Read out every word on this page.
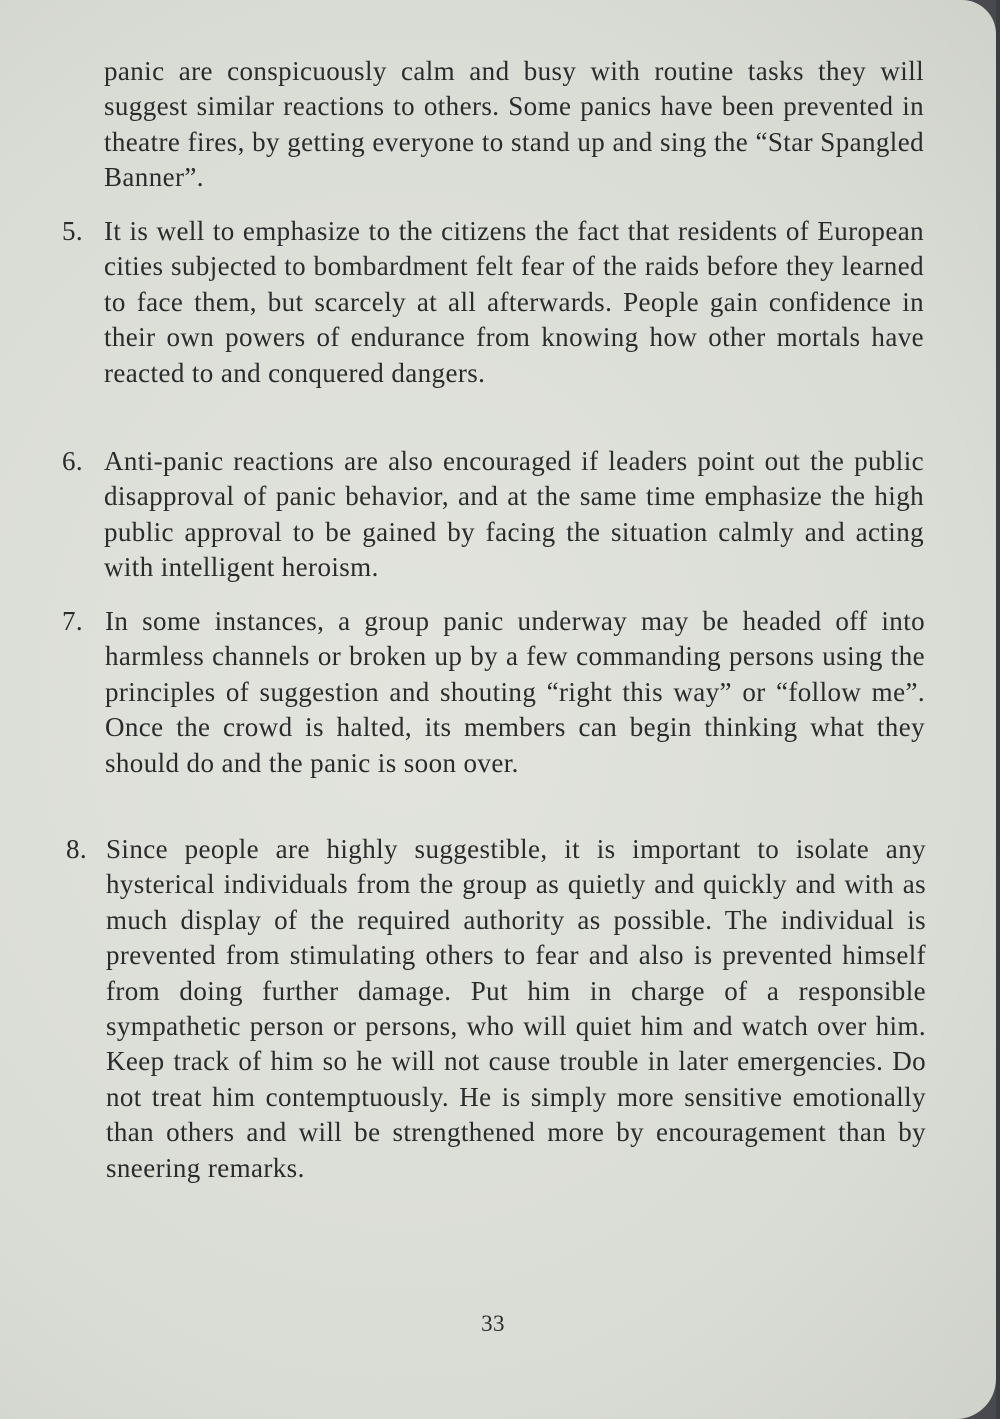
panic are conspicuously calm and busy with routine tasks they will suggest similar reactions to others. Some panics have been prevented in theatre fires, by getting everyone to stand up and sing the “Star Spangled Banner”.

5. It is well to emphasize to the citizens the fact that residents of European cities subjected to bombardment felt fear of the raids before they learned to face them, but scarcely at all afterwards. People gain confidence in their own powers of endurance from knowing how other mortals have reacted to and conquered dangers.

6. Anti-panic reactions are also encouraged if leaders point out the public disapproval of panic behavior, and at the same time emphasize the high public approval to be gained by facing the situation calmly and acting with intelligent heroism.

7. In some instances, a group panic underway may be headed off into harmless channels or broken up by a few commanding persons using the principles of suggestion and shouting “right this way” or “follow me”. Once the crowd is halted, its members can begin thinking what they should do and the panic is soon over.

8. Since people are highly suggestible, it is important to isolate any hysterical individuals from the group as quietly and quickly and with as much display of the required authority as possible. The individual is prevented from stimulating others to fear and also is prevented himself from doing further damage. Put him in charge of a responsible sympathetic person or persons, who will quiet him and watch over him. Keep track of him so he will not cause trouble in later emergencies. Do not treat him contemptuously. He is simply more sensitive emotionally than others and will be strengthened more by encouragement than by sneering remarks.

33
